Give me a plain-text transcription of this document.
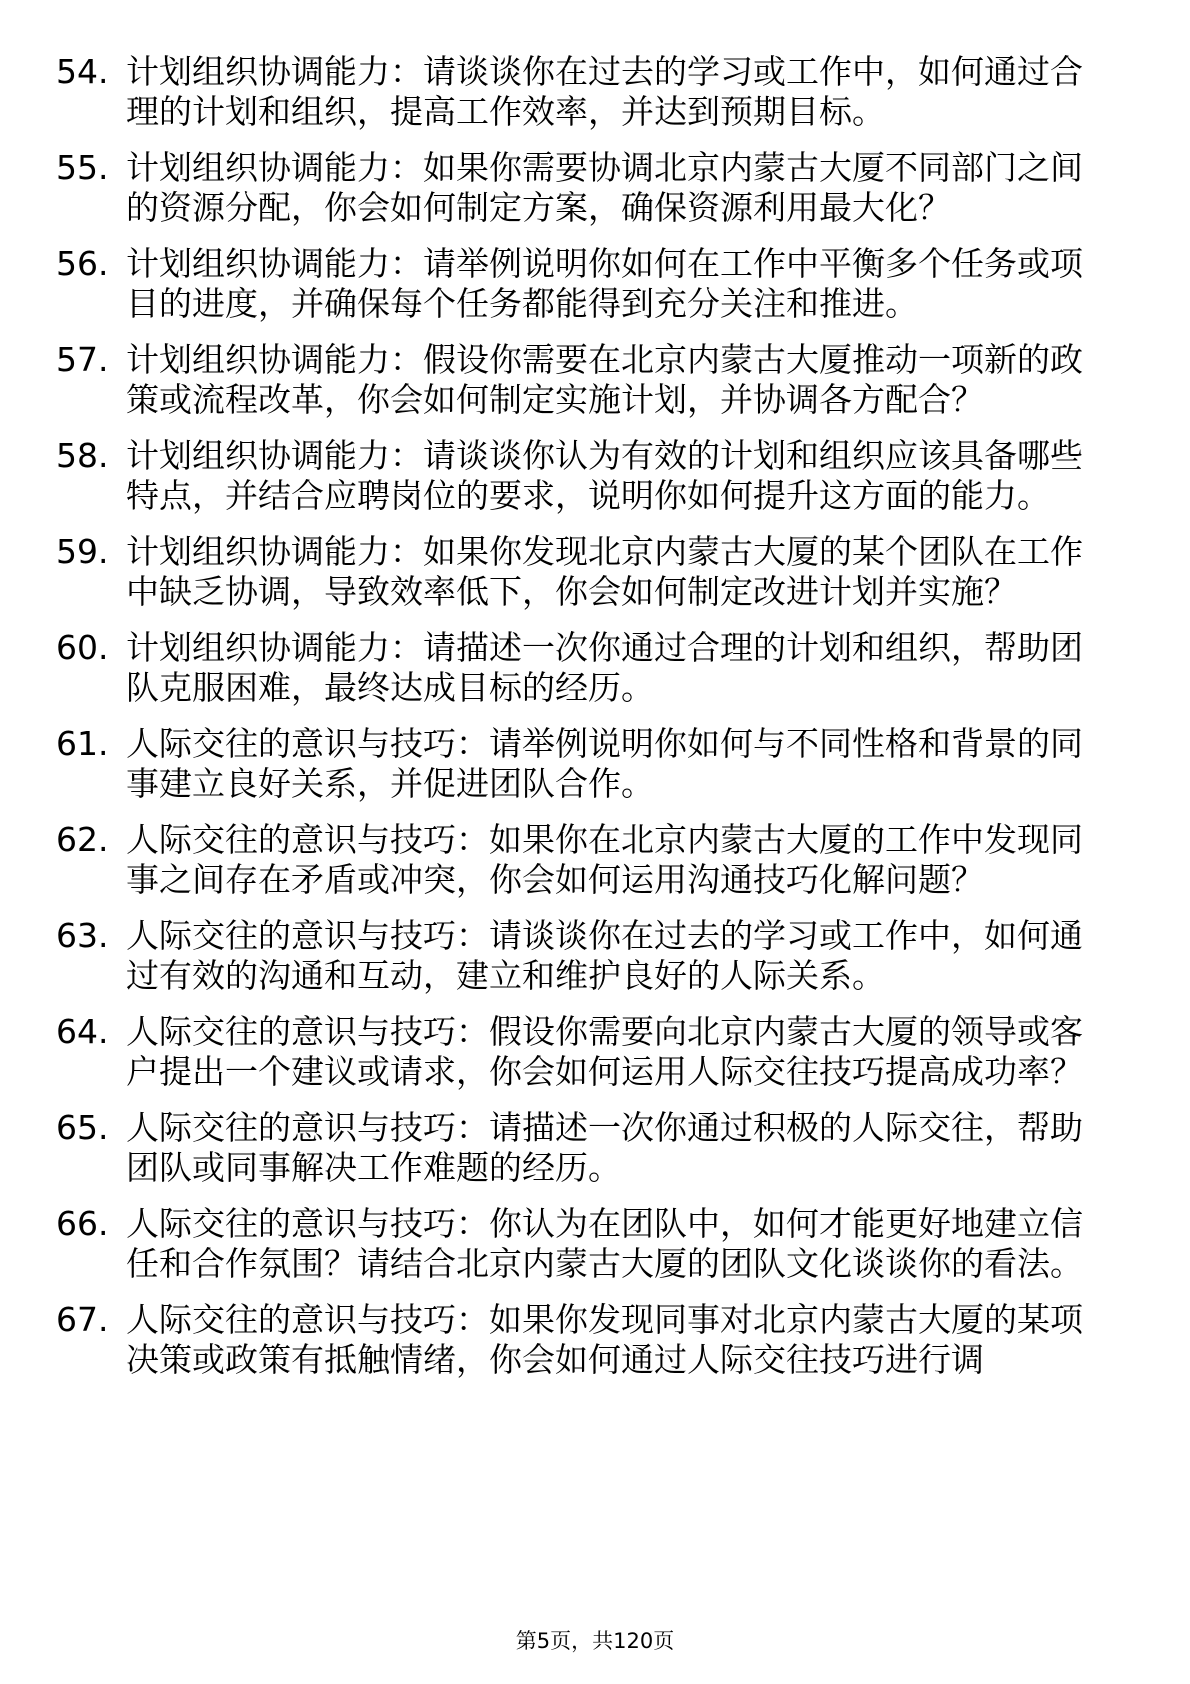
54. 计划组织协调能力：请谈谈你在过去的学习或工作中，如何通过合理的计划和组织，提高工作效率，并达到预期目标。
55. 计划组织协调能力：如果你需要协调北京内蒙古大厦不同部门之间的资源分配，你会如何制定方案，确保资源利用最大化？
56. 计划组织协调能力：请举例说明你如何在工作中平衡多个任务或项目的进度，并确保每个任务都能得到充分关注和推进。
57. 计划组织协调能力：假设你需要在北京内蒙古大厦推动一项新的政策或流程改革，你会如何制定实施计划，并协调各方配合？
58. 计划组织协调能力：请谈谈你认为有效的计划和组织应该具备哪些特点，并结合应聘岗位的要求，说明你如何提升这方面的能力。
59. 计划组织协调能力：如果你发现北京内蒙古大厦的某个团队在工作中缺乏协调，导致效率低下，你会如何制定改进计划并实施？
60. 计划组织协调能力：请描述一次你通过合理的计划和组织，帮助团队克服困难，最终达成目标的经历。
61. 人际交往的意识与技巧：请举例说明你如何与不同性格和背景的同事建立良好关系，并促进团队合作。
62. 人际交往的意识与技巧：如果你在北京内蒙古大厦的工作中发现同事之间存在矛盾或冲突，你会如何运用沟通技巧化解问题？
63. 人际交往的意识与技巧：请谈谈你在过去的学习或工作中，如何通过有效的沟通和互动，建立和维护良好的人际关系。
64. 人际交往的意识与技巧：假设你需要向北京内蒙古大厦的领导或客户提出一个建议或请求，你会如何运用人际交往技巧提高成功率？
65. 人际交往的意识与技巧：请描述一次你通过积极的人际交往，帮助团队或同事解决工作难题的经历。
66. 人际交往的意识与技巧：你认为在团队中，如何才能更好地建立信任和合作氛围？请结合北京内蒙古大厦的团队文化谈谈你的看法。
67. 人际交往的意识与技巧：如果你发现同事对北京内蒙古大厦的某项决策或政策有抵触情绪，你会如何通过人际交往技巧进行调
第5页，共120页
